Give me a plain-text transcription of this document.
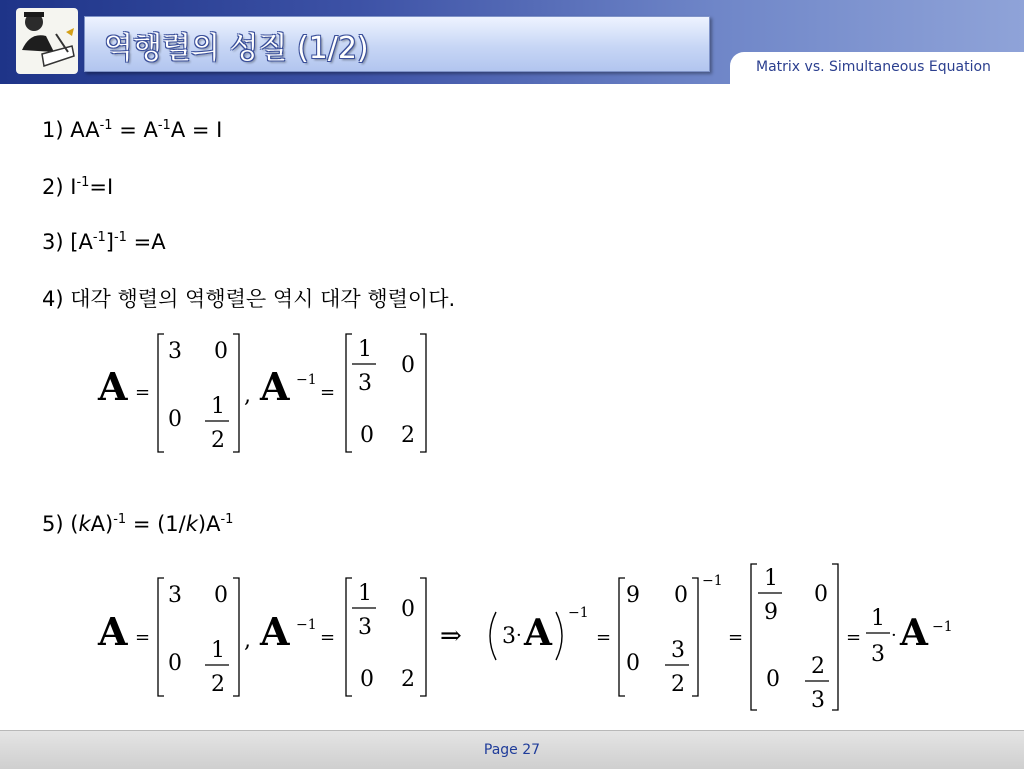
역행렬의 성질 (1/2)
Matrix vs. Simultaneous Equation
1) $AA^{-1} = A^{-1}A = I$
2) $I^{-1}=I$
3) $[A^{-1}]^{-1} =A$
4) 대각 행렬의 역행렬은 역시 대각 행렬이다.
5) $(kA)^{-1} = (1/k)A^{-1}$
A =
3 0
0
1
2
, A −1
=
1
3
0
0 2
A =
3 0
0
1
2
, A −1
=
1
3
0
0 2
⇒ 3 · A −1
=
9 0
0
3
2
−1
=
1
9
0
0
2
3
=
1
3
· A −1
Page 27
